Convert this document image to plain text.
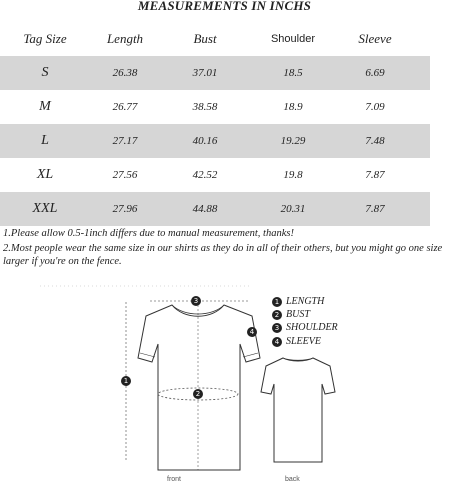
MEASUREMENTS IN INCHS
Tag Size	Length	Bust	Shoulder	Sleeve
S	26.38	37.01	18.5	6.69
M	26.77	38.58	18.9	7.09
L	27.17	40.16	19.29	7.48
XL	27.56	42.52	19.8	7.87
XXL	27.96	44.88	20.31	7.87

1.Please allow 0.5-1inch differs due to manual measurement, thanks!

2.Most people wear the same size in our shirts as they do in all of their others, but you might go one size larger if you're on the fence.

3
4
1
2
1 LENGTH
2 BUST
3 SHOULDER
4 SLEEVE
front	back
